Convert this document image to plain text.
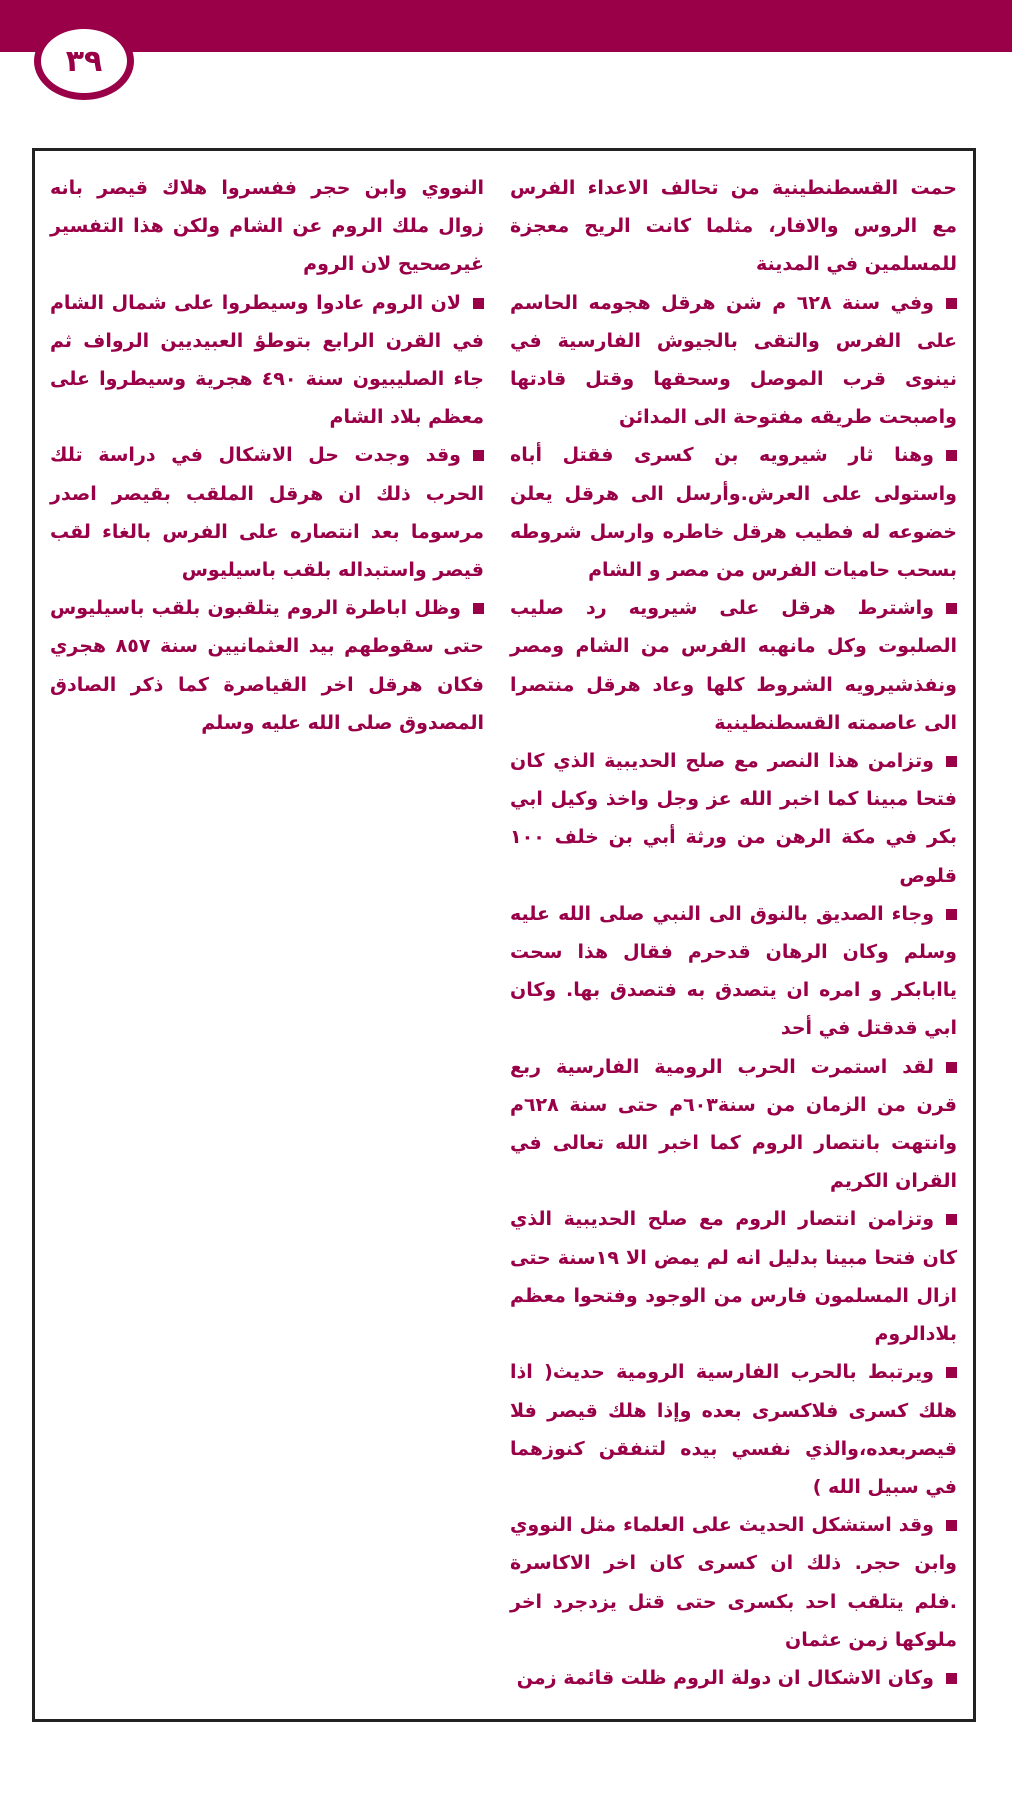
٣٩

حمت القسطنطينية من تحالف الاعداء الفرس مع الروس والافار، مثلما كانت الريح معجزة للمسلمين في المدينة

وفي سنة ٦٢٨ م شن هرقل هجومه الحاسم على الفرس والتقى بالجيوش الفارسية في نينوى قرب الموصل وسحقها وقتل قادتها واصبحت طريقه مفتوحة الى المدائن

وهنا ثار شيرويه بن كسرى فقتل أباه واستولى على العرش.وأرسل الى هرقل يعلن خضوعه له فطيب هرقل خاطره وارسل شروطه بسحب حاميات الفرس من مصر و الشام

واشترط هرقل على شيرويه رد صليب الصلبوت وكل مانهبه الفرس من الشام ومصر ونفذشيرويه الشروط كلها وعاد هرقل منتصرا الى عاصمته القسطنطينية

وتزامن هذا النصر مع صلح الحديبية الذي كان فتحا مبينا كما اخبر الله عز وجل واخذ وكيل ابي بكر في مكة الرهن من ورثة أبي بن خلف ١٠٠ قلوص

وجاء الصديق بالنوق الى النبي صلى الله عليه وسلم وكان الرهان قدحرم فقال هذا سحت ياابابكر و امره ان يتصدق به فتصدق بها. وكان ابي قدقتل في أحد

لقد استمرت الحرب الرومية الفارسية ربع قرن من الزمان من سنة٦٠٣م حتى سنة ٦٢٨م وانتهت بانتصار الروم كما اخبر الله تعالى في القران الكريم

وتزامن انتصار الروم مع صلح الحديبية الذي كان فتحا مبينا بدليل انه لم يمض الا ١٩سنة حتى ازال المسلمون فارس من الوجود وفتحوا معظم بلادالروم

ويرتبط بالحرب الفارسية الرومية حديث( اذا هلك كسرى فلاكسرى بعده وإذا هلك قيصر فلا قيصربعده،والذي نفسي بيده لتنفقن كنوزهما في سبيل الله )

وقد استشكل الحديث على العلماء مثل النووي وابن حجر. ذلك ان كسرى كان اخر الاكاسرة .فلم يتلقب احد بكسرى حتى قتل يزدجرد اخر ملوكها زمن عثمان

وكان الاشكال ان دولة الروم ظلت قائمة زمن

النووي وابن حجر ففسروا هلاك قيصر بانه زوال ملك الروم عن الشام ولكن هذا التفسير غيرصحيح لان الروم

لان الروم عادوا وسيطروا على شمال الشام في القرن الرابع بتوطؤ العبيديين الرواف ثم جاء الصليبيون سنة ٤٩٠ هجرية وسيطروا على معظم بلاد الشام

وقد وجدت حل الاشكال في دراسة تلك الحرب ذلك ان هرقل الملقب بقيصر اصدر مرسوما بعد انتصاره على الفرس بالغاء لقب قيصر واستبداله بلقب باسيليوس

وظل اباطرة الروم يتلقبون بلقب باسيليوس حتى سقوطهم بيد العثمانيين سنة ٨٥٧ هجري فكان هرقل اخر القياصرة كما ذكر الصادق المصدوق صلى الله عليه وسلم
